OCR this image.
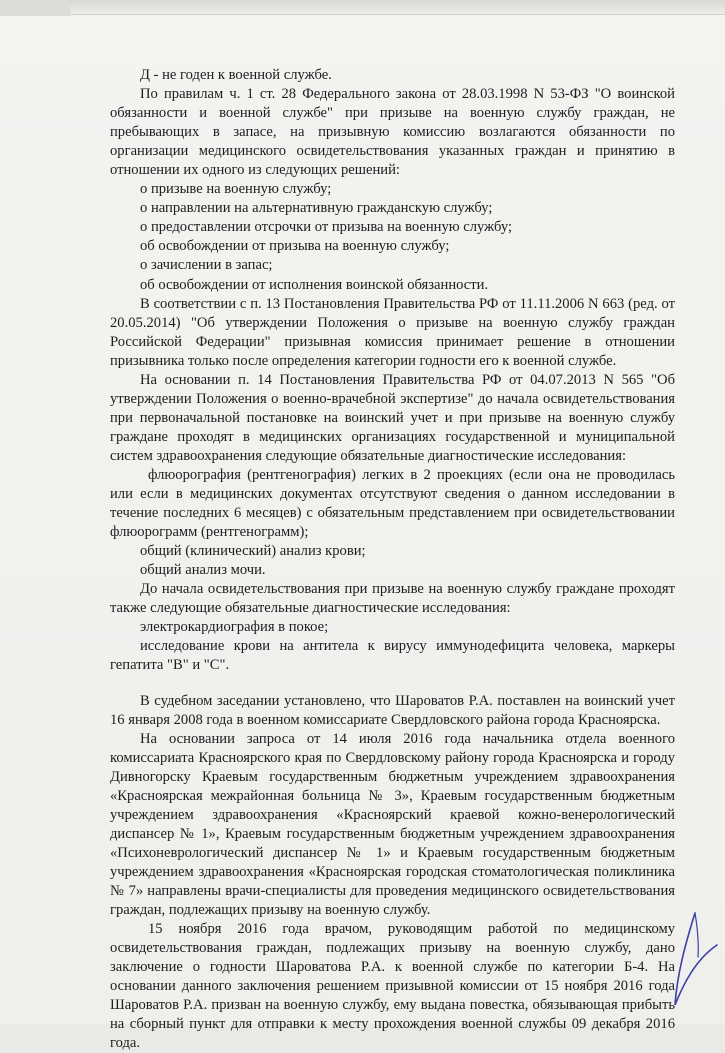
Д - не годен к военной службе.

По правилам ч. 1 ст. 28 Федерального закона от 28.03.1998 N 53-ФЗ "О воинской обязанности и военной службе" при призыве на военную службу граждан, не пребывающих в запасе, на призывную комиссию возлагаются обязанности по организации медицинского освидетельствования указанных граждан и принятию в отношении их одного из следующих решений:

о призыве на военную службу;

о направлении на альтернативную гражданскую службу;

о предоставлении отсрочки от призыва на военную службу;

об освобождении от призыва на военную службу;

о зачислении в запас;

об освобождении от исполнения воинской обязанности.

В соответствии с п. 13 Постановления Правительства РФ от 11.11.2006 N 663 (ред. от 20.05.2014) "Об утверждении Положения о призыве на военную службу граждан Российской Федерации" призывная комиссия принимает решение в отношении призывника только после определения категории годности его к военной службе.

На основании п. 14 Постановления Правительства РФ от 04.07.2013 N 565 "Об утверждении Положения о военно-врачебной экспертизе" до начала освидетельствования при первоначальной постановке на воинский учет и при призыве на военную службу граждане проходят в медицинских организациях государственной и муниципальной систем здравоохранения следующие обязательные диагностические исследования:

флюорография (рентгенография) легких в 2 проекциях (если она не проводилась или если в медицинских документах отсутствуют сведения о данном исследовании в течение последних 6 месяцев) с обязательным представлением при освидетельствовании флюорограмм (рентгенограмм);

общий (клинический) анализ крови;

общий анализ мочи.

До начала освидетельствования при призыве на военную службу граждане проходят также следующие обязательные диагностические исследования:

электрокардиография в покое;

исследование крови на антитела к вирусу иммунодефицита человека, маркеры гепатита "В" и "С".

В судебном заседании установлено, что Шароватов Р.А. поставлен на воинский учет 16 января 2008 года в военном комиссариате Свердловского района города Красноярска.

На основании запроса от 14 июля 2016 года начальника отдела военного комиссариата Красноярского края по Свердловскому району города Красноярска и городу Дивногорску Краевым государственным бюджетным учреждением здравоохранения «Красноярская межрайонная больница № 3», Краевым государственным бюджетным учреждением здравоохранения «Красноярский краевой кожно-венерологический диспансер № 1», Краевым государственным бюджетным учреждением здравоохранения «Психоневрологический диспансер № 1» и Краевым государственным бюджетным учреждением здравоохранения «Красноярская городская стоматологическая поликлиника № 7» направлены врачи-специалисты для проведения медицинского освидетельствования граждан, подлежащих призыву на военную службу.

15 ноября 2016 года врачом, руководящим работой по медицинскому освидетельствования граждан, подлежащих призыву на военную службу, дано заключение о годности Шароватова Р.А. к военной службе по категории Б-4. На основании данного заключения решением призывной комиссии от 15 ноября 2016 года Шароватов Р.А. призван на военную службу, ему выдана повестка, обязывающая прибыть на сборный пункт для отправки к месту прохождения военной службы 09 декабря 2016 года.
